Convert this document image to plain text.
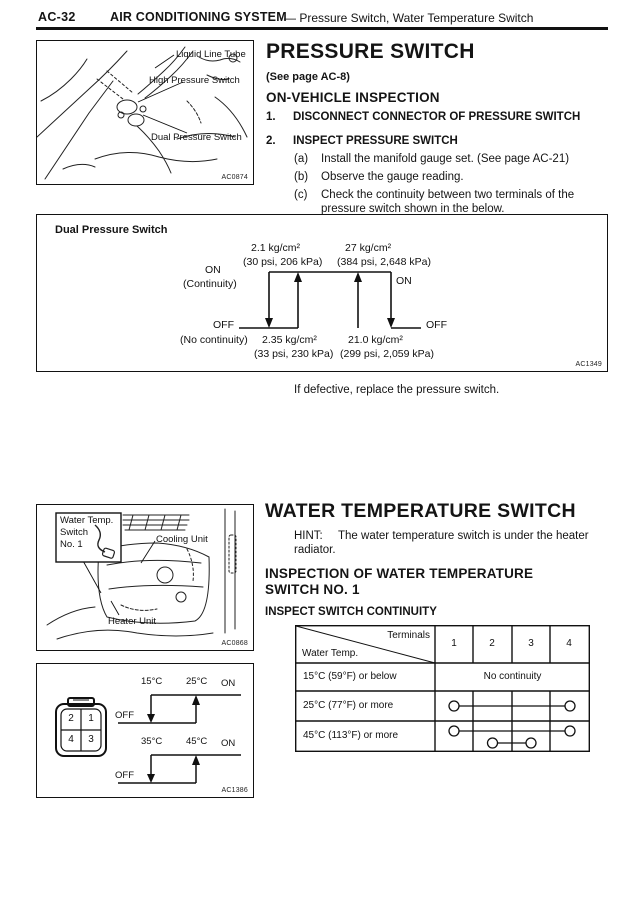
AC-32	AIR CONDITIONING SYSTEM
— Pressure Switch, Water Temperature Switch
Liquid Line Tube
High Pressure Switch
Dual Pressure Switch
AC0874
PRESSURE SWITCH
(See page AC-8)
ON-VEHICLE INSPECTION
1.	DISCONNECT CONNECTOR OF PRESSURE SWITCH
2.	INSPECT PRESSURE SWITCH
(a)	Install the manifold gauge set. (See page AC-21)
(b)	Observe the gauge reading.
(c)	Check the continuity between two terminals of the pressure switch shown in the below.
Dual Pressure Switch
2.1 kg/cm²
(30 psi, 206 kPa)
27 kg/cm²
(384 psi, 2,648 kPa)
ON
(Continuity)
OFF
(No continuity) 2.35 kg/cm²
(33 psi, 230 kPa)
21.0 kg/cm²
(299 psi, 2,059 kPa)
ON
OFF
AC1349
If defective, replace the pressure switch.
Water Temp.
Switch
No. 1	Cooling Unit
Heater Unit
AC0868
WATER TEMPERATURE SWITCH
HINT:	The water temperature switch is under the heater
radiator.
INSPECTION OF WATER TEMPERATURE
SWITCH NO. 1
INSPECT SWITCH CONTINUITY
Terminals
Water Temp.
1	2	3	4
15°C (59°F) or below	No continuity
25°C (77°F) or more
45°C (113°F) or more
2	1
4	3
15°C	25°C ON
OFF
35°C	45°C ON
OFF
AC1386
